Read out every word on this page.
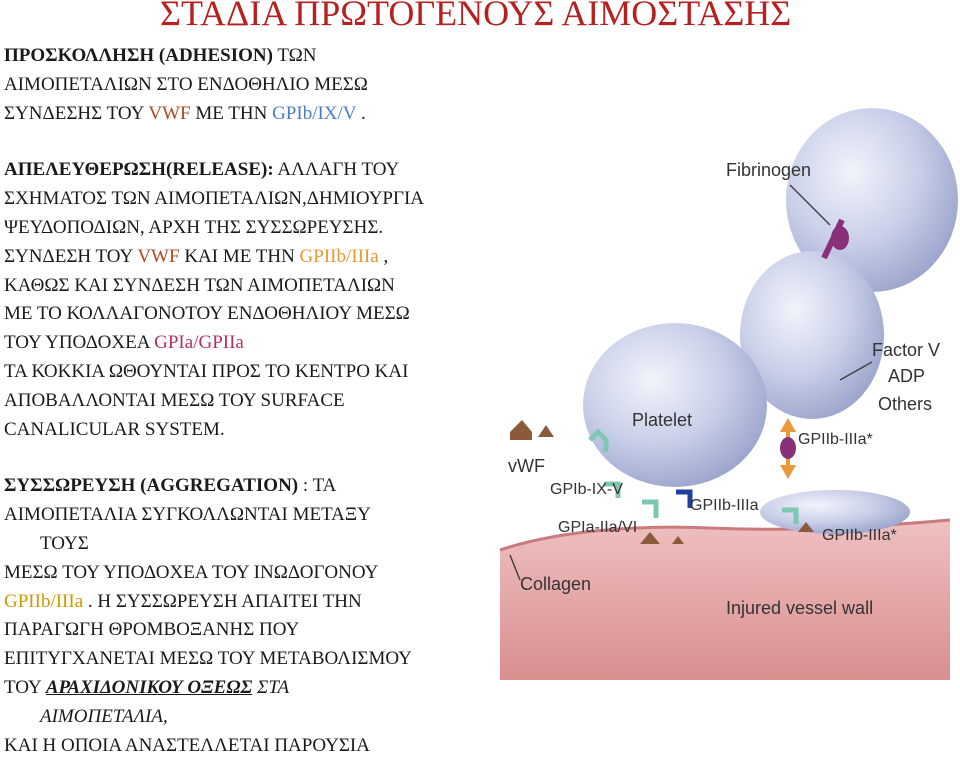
ΣΤΑΔΙΑ ΠΡΩΤΟΓΕΝΟΥΣ ΑΙΜΟΣΤΑΣΗΣ
ΠΡΟΣΚΟΛΛΗΣΗ (ADHESION) ΤΩΝ
ΑΙΜΟΠΕΤΑΛΙΩΝ ΣΤΟ ΕΝΔΟΘΗΛΙΟ ΜΕΣΩ
ΣΥΝΔΕΣΗΣ ΤΟΥ VWF ΜΕ ΤΗΝ GPIb/IX/V .
ΑΠΕΛΕΥΘΕΡΩΣΗ(RELEASE): ΑΛΛΑΓΗ ΤΟΥ
ΣΧΗΜΑΤΟΣ ΤΩΝ ΑΙΜΟΠΕΤΑΛΙΩΝ,ΔΗΜΙΟΥΡΓΙΑ
ΨΕΥΔΟΠΟΔΙΩΝ, ΑΡΧΗ ΤΗΣ ΣΥΣΣΩΡΕΥΣΗΣ.
ΣΥΝΔΕΣΗ ΤΟΥ VWF ΚΑΙ ΜΕ ΤΗΝ GPIIb/IIIa ,
ΚΑΘΩΣ ΚΑΙ ΣΥΝΔΕΣΗ ΤΩΝ ΑΙΜΟΠΕΤΑΛΙΩΝ
ΜΕ ΤΟ ΚΟΛΛΑΓΟΝΟΤΟΥ ΕΝΔΟΘΗΛΙΟΥ ΜΕΣΩ
ΤΟΥ ΥΠΟΔΟΧΕΑ GPIa/GPIIa
ΤΑ ΚΟΚΚΙΑ ΩΘΟΥΝΤΑΙ ΠΡΟΣ ΤΟ ΚΕΝΤΡΟ ΚΑΙ
ΑΠΟΒΑΛΛΟΝΤΑΙ ΜΕΣΩ ΤΟΥ SURFACE
CANALICULAR SYSTEM.
ΣΥΣΣΩΡΕΥΣΗ (AGGREGATION) : ΤΑ
ΑΙΜΟΠΕΤΑΛΙΑ ΣΥΓΚΟΛΛΩΝΤΑΙ ΜΕΤΑΞΥ
ΤΟΥΣ
ΜΕΣΩ ΤΟΥ ΥΠΟΔΟΧΕΑ ΤΟΥ ΙΝΩΔΟΓΟΝΟΥ
GPIIb/IIIa . Η ΣΥΣΣΩΡΕΥΣΗ ΑΠΑΙΤΕΙ ΤΗΝ
ΠΑΡΑΓΩΓΗ ΘΡΟΜΒΟΞΑΝΗΣ ΠΟΥ
ΕΠΙΤΥΓΧΑΝΕΤΑΙ ΜΕΣΩ ΤΟΥ ΜΕΤΑΒΟΛΙΣΜΟΥ
ΤΟΥ ΑΡΑΧΙΔΟΝΙΚΟΥ ΟΞΕΩΣ ΣΤΑ
ΑΙΜΟΠΕΤΑΛΙΑ,
ΚΑΙ Η ΟΠΟΙΑ ΑΝΑΣΤΕΛΛΕΤΑΙ ΠΑΡΟΥΣΙΑ
Fibrinogen
Factor V
ADP
Others
Platelet
GPIIb-IIIa*
vWF
GPIb-IX-V
GPIIb-IIIa
GPIa-IIa/VI	GPIIb-IIIa*
Collagen
Injured vessel wall
